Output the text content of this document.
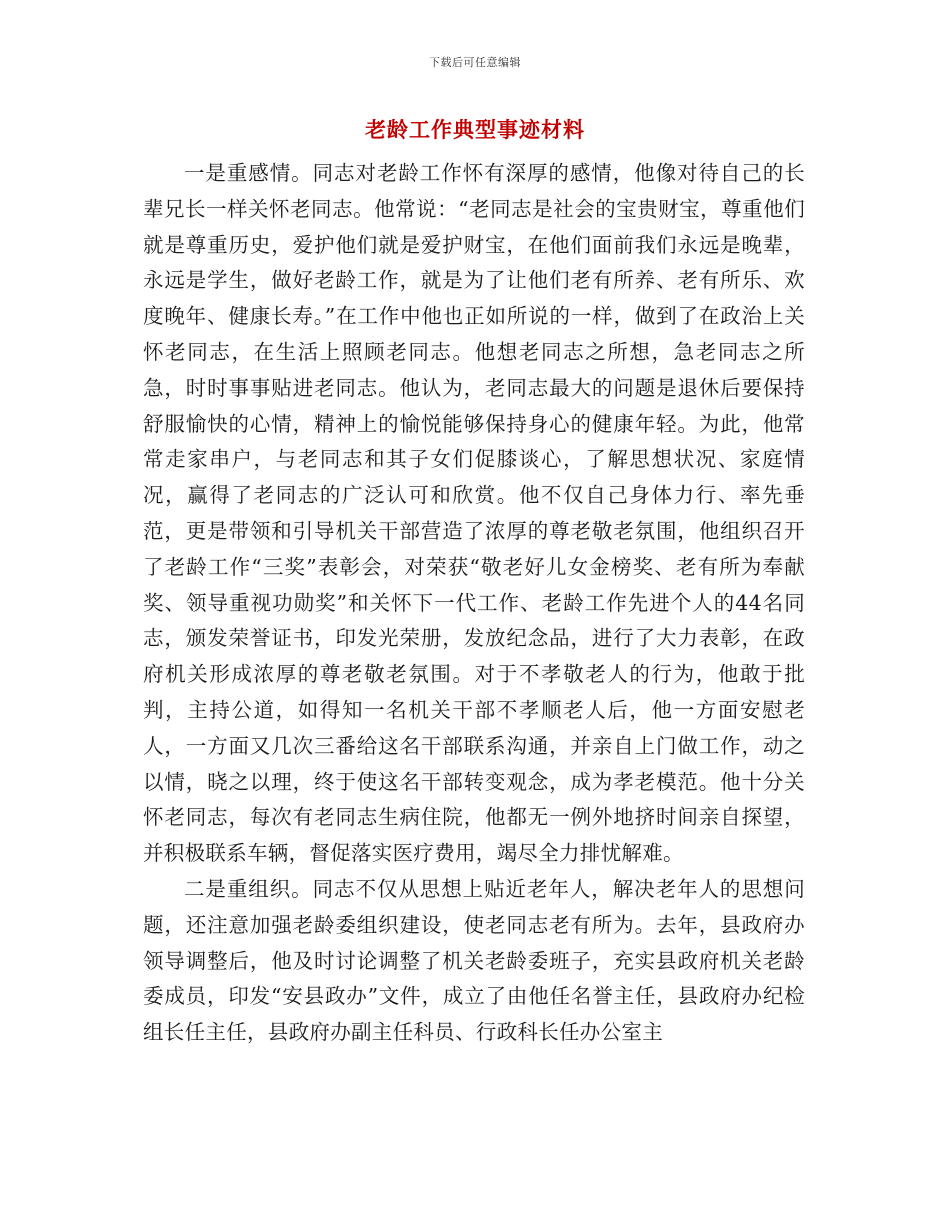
下载后可任意编辑
老龄工作典型事迹材料

一是重感情。同志对老龄工作怀有深厚的感情，他像对待自己的长辈兄长一样关怀老同志。他常说：“老同志是社会的宝贵财宝，尊重他们就是尊重历史，爱护他们就是爱护财宝，在他们面前我们永远是晚辈，永远是学生，做好老龄工作，就是为了让他们老有所养、老有所乐、欢度晚年、健康长寿。”在工作中他也正如所说的一样，做到了在政治上关怀老同志，在生活上照顾老同志。他想老同志之所想，急老同志之所急，时时事事贴进老同志。他认为，老同志最大的问题是退休后要保持舒服愉快的心情，精神上的愉悦能够保持身心的健康年轻。为此，他常常走家串户，与老同志和其子女们促膝谈心，了解思想状况、家庭情况，赢得了老同志的广泛认可和欣赏。他不仅自己身体力行、率先垂范，更是带领和引导机关干部营造了浓厚的尊老敬老氛围，他组织召开了老龄工作“三奖”表彰会，对荣获“敬老好儿女金榜奖、老有所为奉献奖、领导重视功勋奖”和关怀下一代工作、老龄工作先进个人的44名同志，颁发荣誉证书，印发光荣册，发放纪念品，进行了大力表彰，在政府机关形成浓厚的尊老敬老氛围。对于不孝敬老人的行为，他敢于批判，主持公道，如得知一名机关干部不孝顺老人后，他一方面安慰老人，一方面又几次三番给这名干部联系沟通，并亲自上门做工作，动之以情，晓之以理，终于使这名干部转变观念，成为孝老模范。他十分关怀老同志，每次有老同志生病住院，他都无一例外地挤时间亲自探望，并积极联系车辆，督促落实医疗费用，竭尽全力排忧解难。

二是重组织。同志不仅从思想上贴近老年人，解决老年人的思想问题，还注意加强老龄委组织建设，使老同志老有所为。去年，县政府办领导调整后，他及时讨论调整了机关老龄委班子，充实县政府机关老龄委成员，印发“安县政办”文件，成立了由他任名誉主任，县政府办纪检组长任主任，县政府办副主任科员、行政科长任办公室主
